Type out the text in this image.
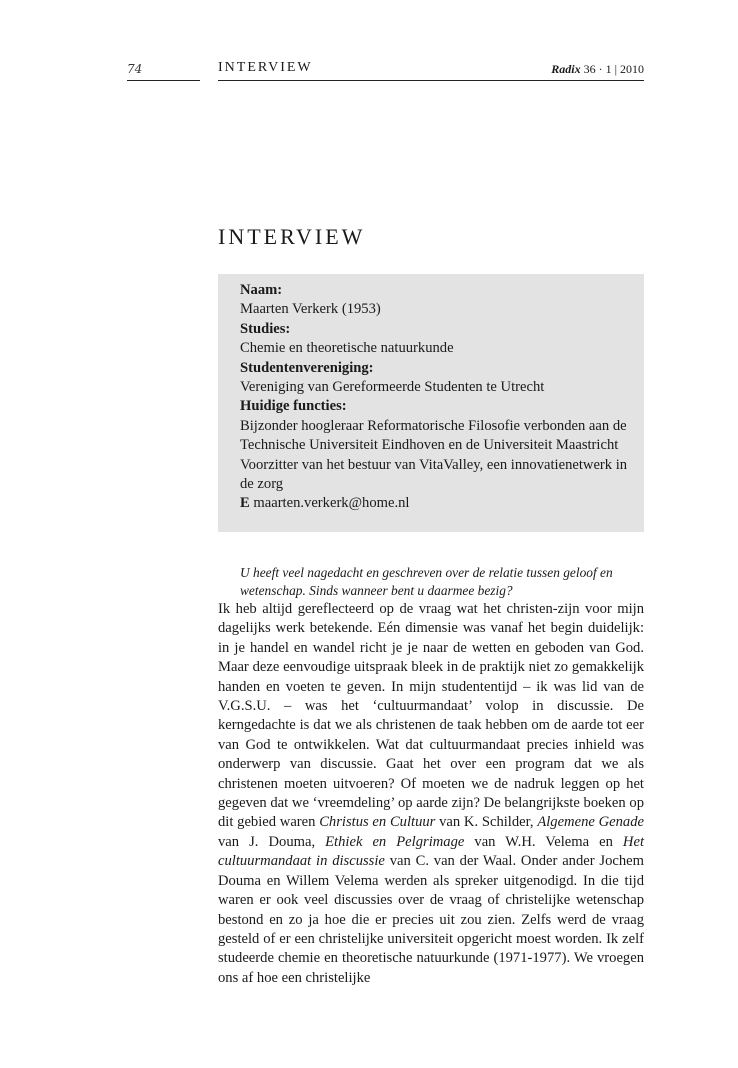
74	INTERVIEW	Radix 36 · 1 | 2010
INTERVIEW
Naam:
Maarten Verkerk (1953)
Studies:
Chemie en theoretische natuurkunde
Studentenvereniging:
Vereniging van Gereformeerde Studenten te Utrecht
Huidige functies:
Bijzonder hoogleraar Reformatorische Filosofie verbonden aan de Technische Universiteit Eindhoven en de Universiteit Maastricht
Voorzitter van het bestuur van VitaValley, een innovatienetwerk in de zorg
E maarten.verkerk@home.nl
U heeft veel nagedacht en geschreven over de relatie tussen geloof en wetenschap. Sinds wanneer bent u daarmee bezig?
Ik heb altijd gereflecteerd op de vraag wat het christen-zijn voor mijn dagelijks werk betekende. Eén dimensie was vanaf het begin duidelijk: in je handel en wandel richt je je naar de wetten en geboden van God. Maar deze eenvoudige uitspraak bleek in de praktijk niet zo gemakkelijk handen en voeten te geven. In mijn studententijd – ik was lid van de V.G.S.U. – was het ‘cultuurmandaat’ volop in discussie. De kerngedachte is dat we als christenen de taak hebben om de aarde tot eer van God te ontwikkelen. Wat dat cultuurmandaat precies inhield was onderwerp van discussie. Gaat het over een program dat we als christenen moeten uitvoeren? Of moeten we de nadruk leggen op het gegeven dat we ‘vreemdeling’ op aarde zijn? De belangrijkste boeken op dit gebied waren Christus en Cultuur van K. Schilder, Algemene Genade van J. Douma, Ethiek en Pelgrimage van W.H. Velema en Het cultuurmandaat in discussie van C. van der Waal. Onder ander Jochem Douma en Willem Velema werden als spreker uitgenodigd. In die tijd waren er ook veel discussies over de vraag of christelijke wetenschap bestond en zo ja hoe die er precies uit zou zien. Zelfs werd de vraag gesteld of er een christelijke universiteit opgericht moest worden. Ik zelf studeerde chemie en theoretische natuurkunde (1971-1977). We vroegen ons af hoe een christelijke
